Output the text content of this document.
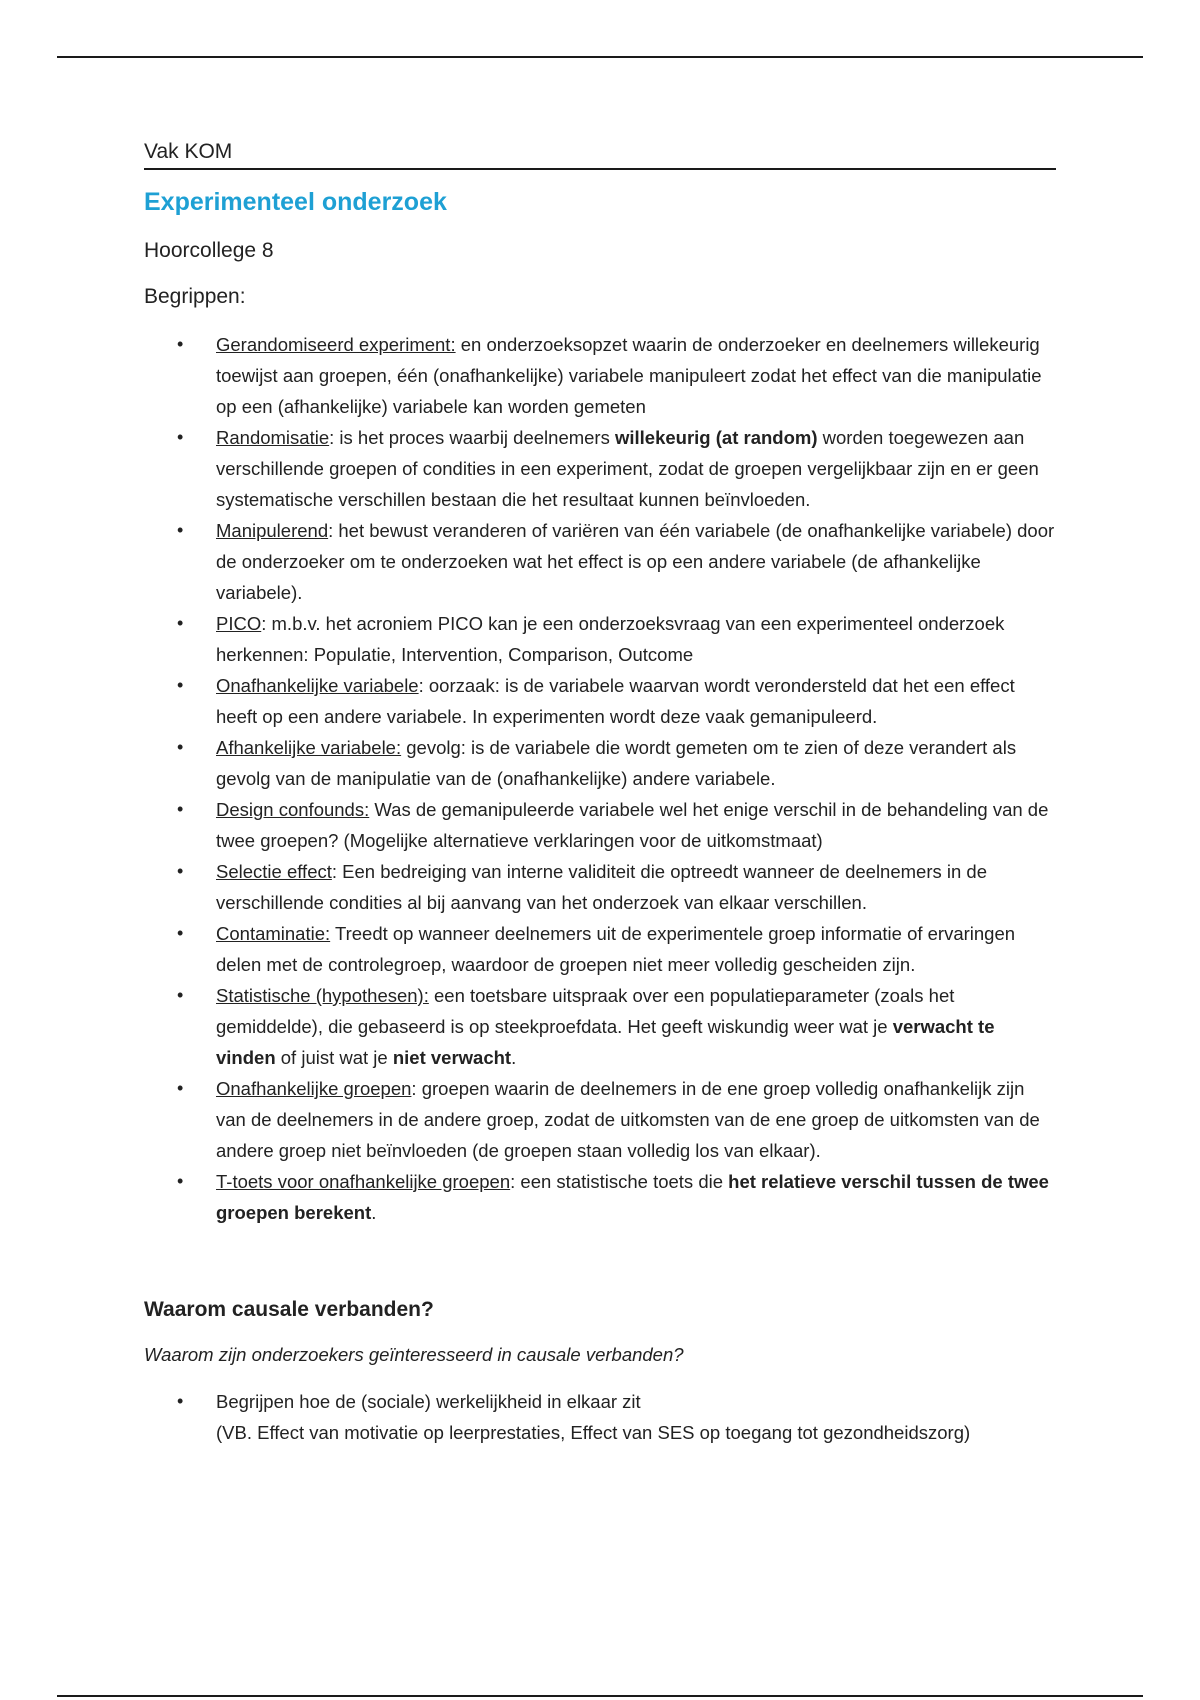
Vak KOM
Experimenteel onderzoek
Hoorcollege 8
Begrippen:
• Gerandomiseerd experiment: en onderzoeksopzet waarin de onderzoeker en deelnemers willekeurig toewijst aan groepen, één (onafhankelijke) variabele manipuleert zodat het effect van die manipulatie op een (afhankelijke) variabele kan worden gemeten
• Randomisatie: is het proces waarbij deelnemers willekeurig (at random) worden toegewezen aan verschillende groepen of condities in een experiment, zodat de groepen vergelijkbaar zijn en er geen systematische verschillen bestaan die het resultaat kunnen beïnvloeden.
• Manipulerend: het bewust veranderen of variëren van één variabele (de onafhankelijke variabele) door de onderzoeker om te onderzoeken wat het effect is op een andere variabele (de afhankelijke variabele).
• PICO: m.b.v. het acroniem PICO kan je een onderzoeksvraag van een experimenteel onderzoek herkennen: Populatie, Intervention, Comparison, Outcome
• Onafhankelijke variabele: oorzaak: is de variabele waarvan wordt verondersteld dat het een effect heeft op een andere variabele. In experimenten wordt deze vaak gemanipuleerd.
• Afhankelijke variabele: gevolg: is de variabele die wordt gemeten om te zien of deze verandert als gevolg van de manipulatie van de (onafhankelijke) andere variabele.
• Design confounds: Was de gemanipuleerde variabele wel het enige verschil in de behandeling van de twee groepen? (Mogelijke alternatieve verklaringen voor de uitkomstmaat)
• Selectie effect: Een bedreiging van interne validiteit die optreedt wanneer de deelnemers in de verschillende condities al bij aanvang van het onderzoek van elkaar verschillen.
• Contaminatie: Treedt op wanneer deelnemers uit de experimentele groep informatie of ervaringen delen met de controlegroep, waardoor de groepen niet meer volledig gescheiden zijn.
• Statistische (hypothesen): een toetsbare uitspraak over een populatieparameter (zoals het gemiddelde), die gebaseerd is op steekproefdata. Het geeft wiskundig weer wat je verwacht te vinden of juist wat je niet verwacht.
• Onafhankelijke groepen: groepen waarin de deelnemers in de ene groep volledig onafhankelijk zijn van de deelnemers in de andere groep, zodat de uitkomsten van de ene groep de uitkomsten van de andere groep niet beïnvloeden (de groepen staan volledig los van elkaar).
• T-toets voor onafhankelijke groepen: een statistische toets die het relatieve verschil tussen de twee groepen berekent.
Waarom causale verbanden?
Waarom zijn onderzoekers geïnteresseerd in causale verbanden?
• Begrijpen hoe de (sociale) werkelijkheid in elkaar zit
(VB. Effect van motivatie op leerprestaties, Effect van SES op toegang tot gezondheidszorg)
